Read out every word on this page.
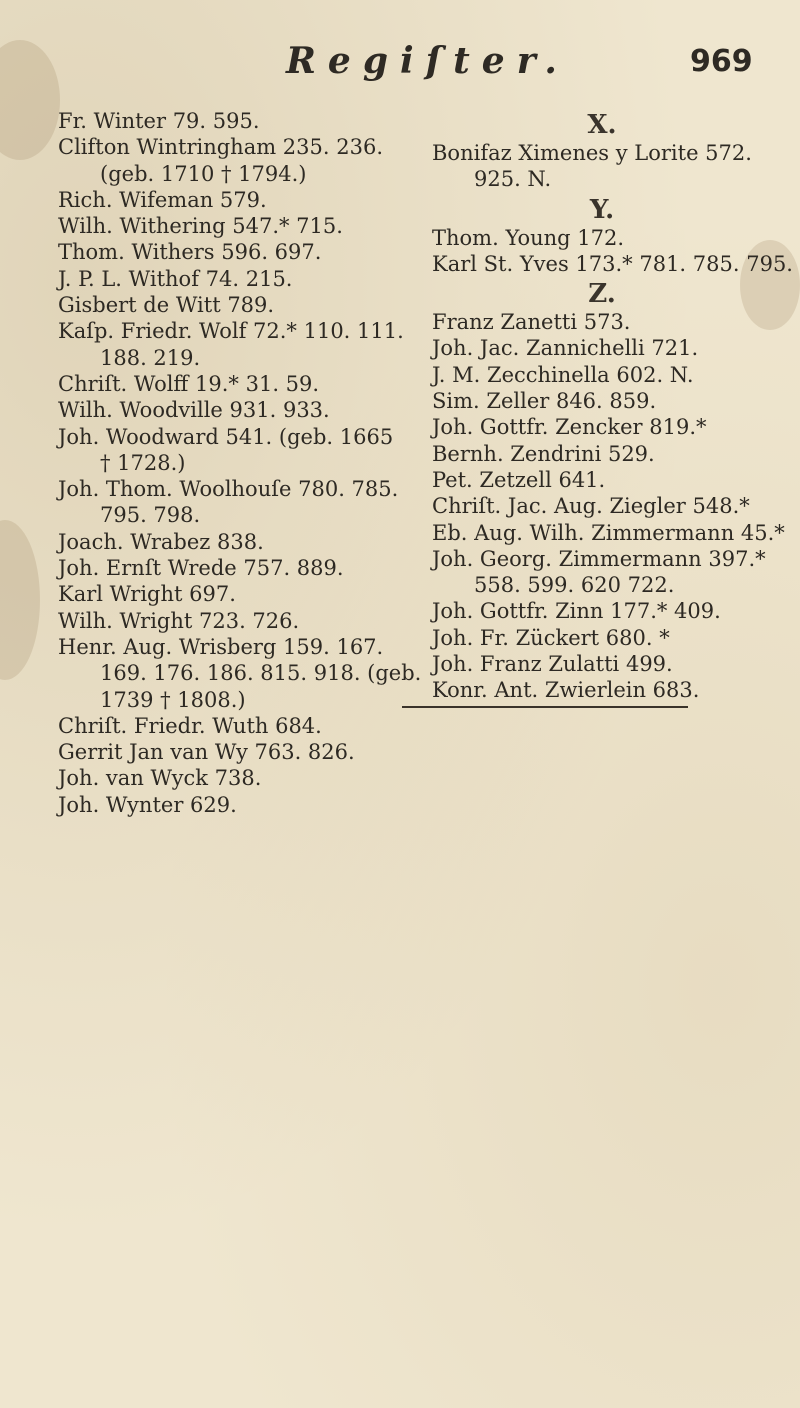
Regiſter.	969

Fr. Winter 79. 595.

Clifton Wintringham 235. 236.

(geb. 1710 † 1794.)

Rich. Wifeman 579.

Wilh. Withering 547.* 715.

Thom. Withers 596. 697.

J. P. L. Withof 74. 215.

Gisbert de Witt 789.

Kaſp. Friedr. Wolf 72.* 110. 111.

188. 219.

Chriſt. Wolff 19.* 31. 59.

Wilh. Woodville 931. 933.

Joh. Woodward 541. (geb. 1665

† 1728.)

Joh. Thom. Woolhouſe 780. 785.

795. 798.

Joach. Wrabez 838.

Joh. Ernſt Wrede 757. 889.

Karl Wright 697.

Wilh. Wright 723. 726.

Henr. Aug. Wrisberg 159. 167.

169. 176. 186. 815. 918. (geb.

1739 † 1808.)

Chriſt. Friedr. Wuth 684.

Gerrit Jan van Wy 763. 826.

Joh. van Wyck 738.

Joh. Wynter 629.

X.

Bonifaz Ximenes y Lorite 572.

925. N.

Y.

Thom. Young 172.

Karl St. Yves 173.* 781. 785. 795.

Z.

Franz Zanetti 573.

Joh. Jac. Zannichelli 721.

J. M. Zecchinella 602. N.

Sim. Zeller 846. 859.

Joh. Gottfr. Zencker 819.*

Bernh. Zendrini 529.

Pet. Zetzell 641.

Chriſt. Jac. Aug. Ziegler 548.*

Eb. Aug. Wilh. Zimmermann 45.*

Joh. Georg. Zimmermann 397.*

558. 599. 620 722.

Joh. Gottfr. Zinn 177.* 409.

Joh. Fr. Zückert 680. *

Joh. Franz Zulatti 499.

Konr. Ant. Zwierlein 683.
